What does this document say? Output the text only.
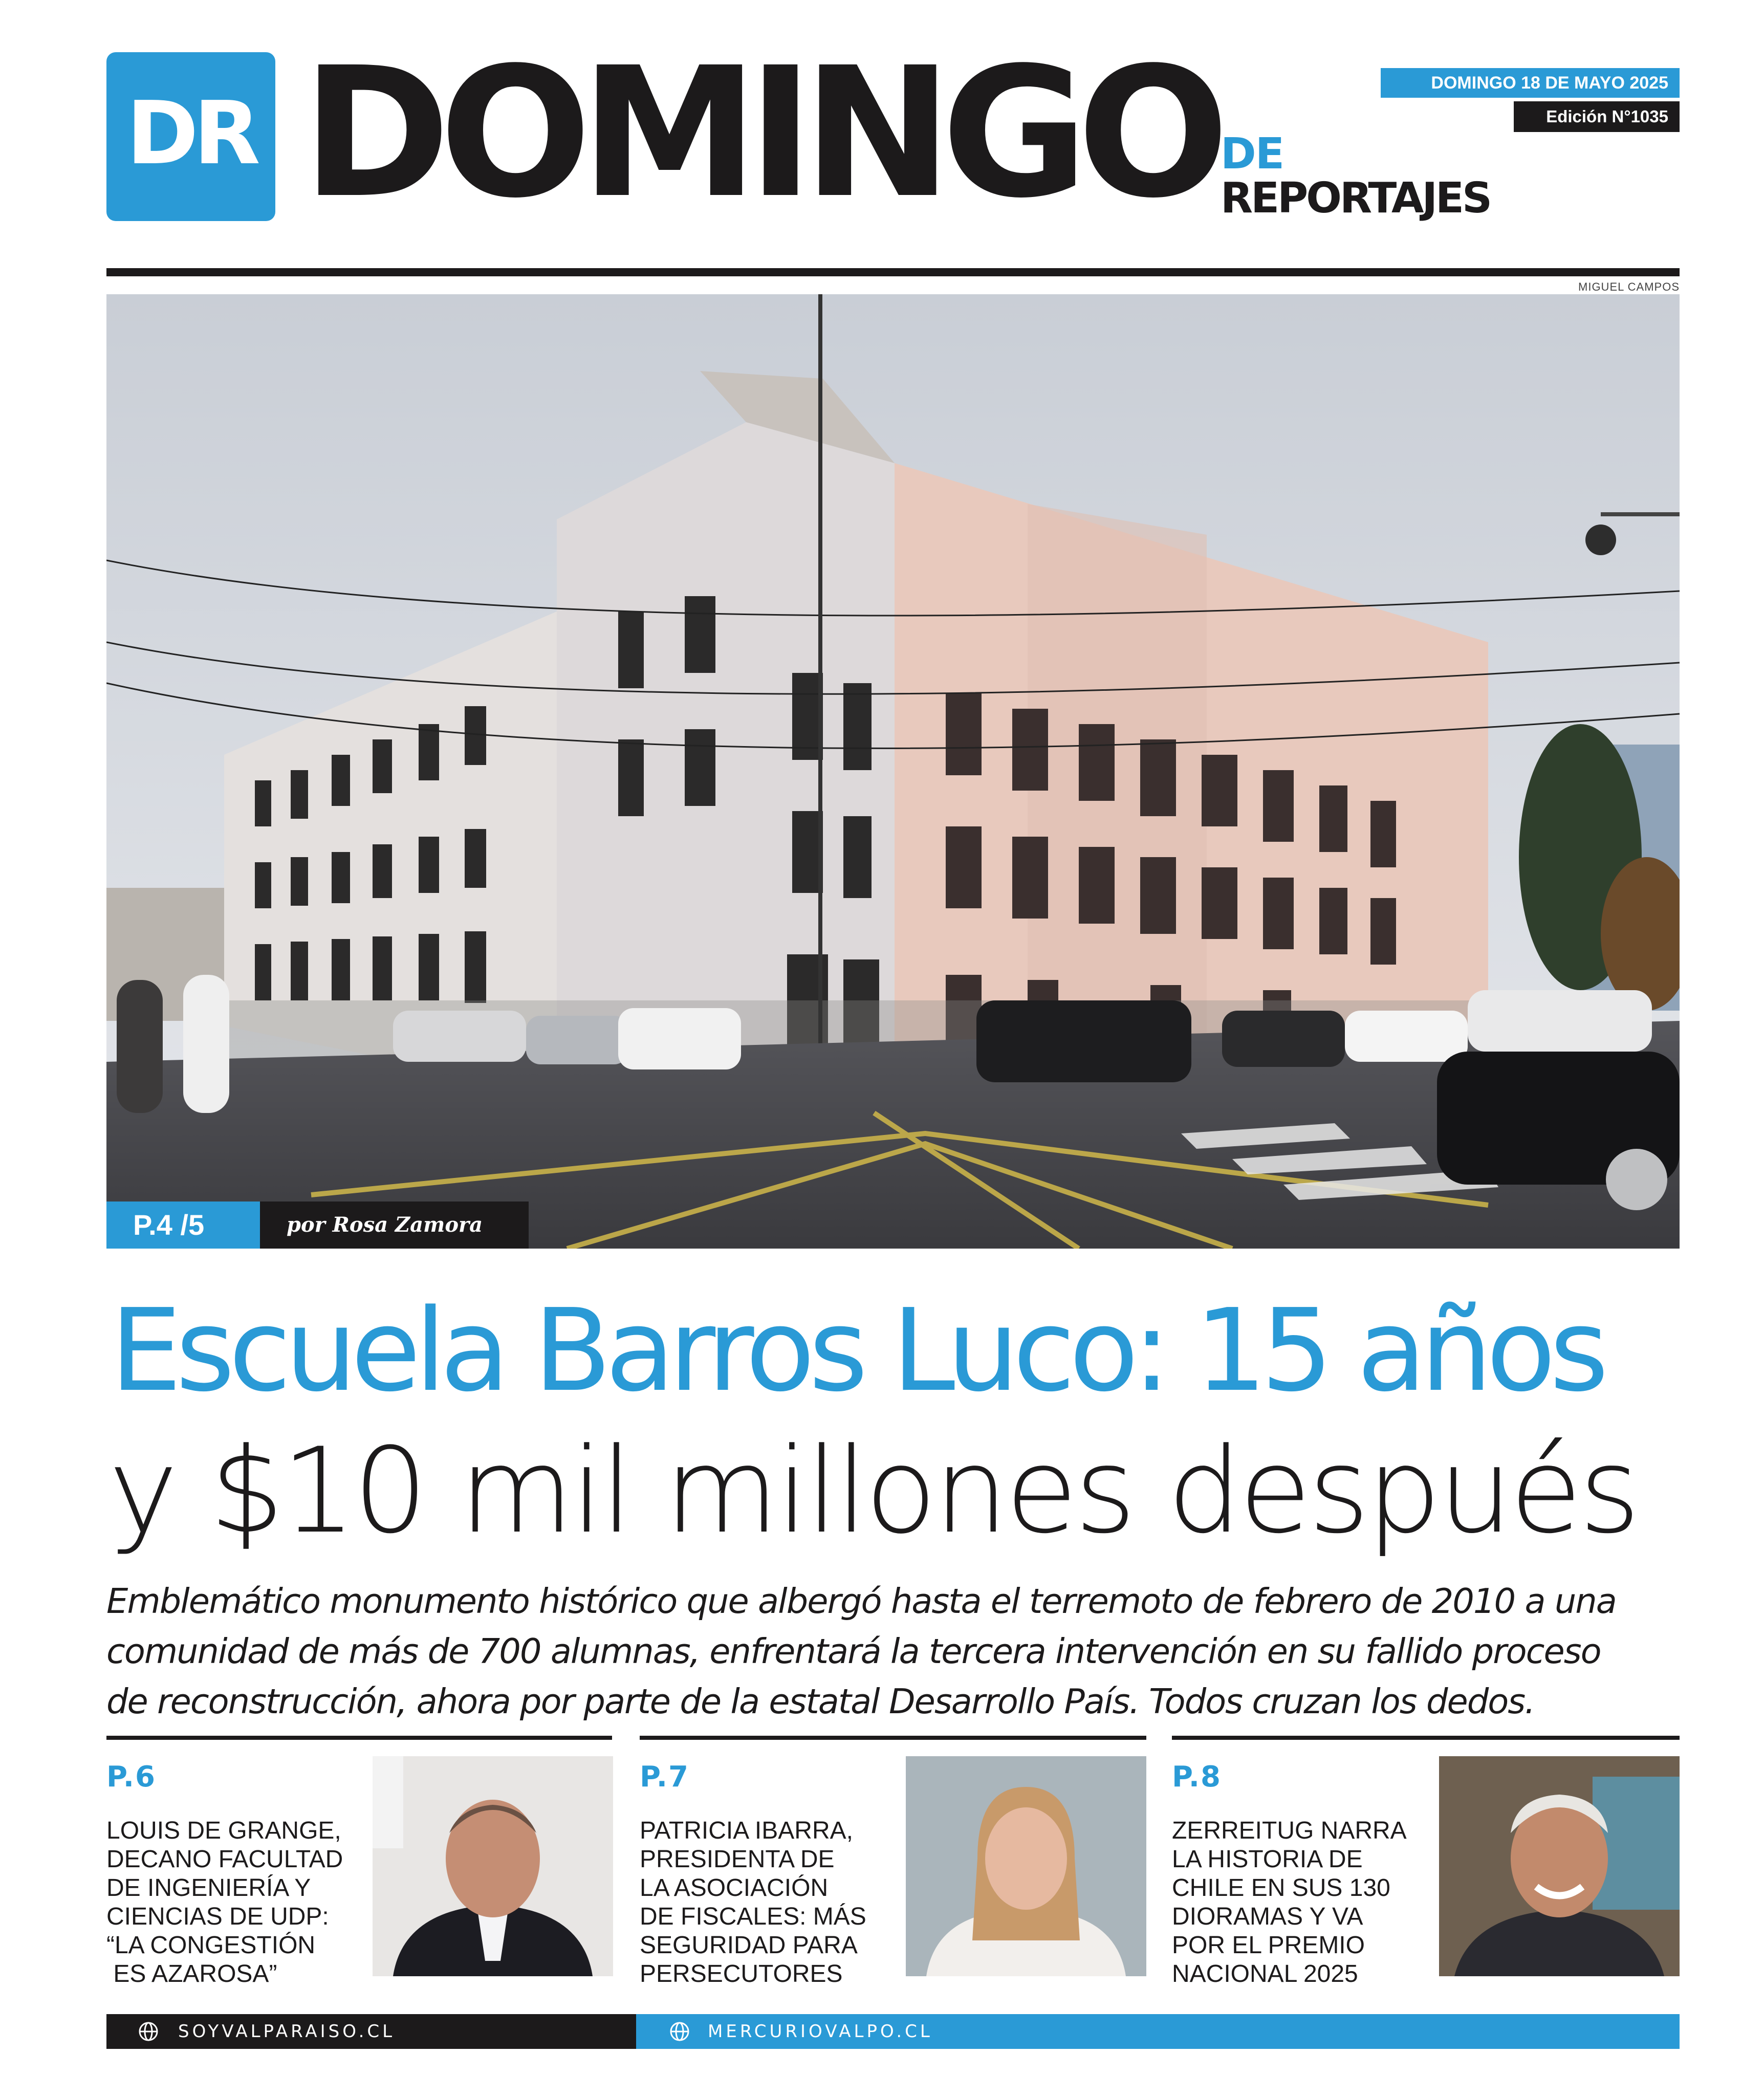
DR DOMINGO DE
REPORTAJES
DOMINGO 18 DE MAYO 2025
Edición N°1035
MIGUEL CAMPOS
P.4 /5	por Rosa Zamora
Escuela Barros Luco: 15 años
y $10 mil millones después
Emblemático monumento histórico que albergó hasta el terremoto de febrero de 2010 a una
comunidad de más de 700 alumnas, enfrentará la tercera intervención en su fallido proceso
de reconstrucción, ahora por parte de la estatal Desarrollo País. Todos cruzan los dedos.
P.6
LOUIS DE GRANGE,
DECANO FACULTAD
DE INGENIERÍA Y
CIENCIAS DE UDP:
“LA CONGESTIÓN
ES AZAROSA”
P.7
PATRICIA IBARRA,
PRESIDENTA DE
LA ASOCIACIÓN
DE FISCALES: MÁS
SEGURIDAD PARA
PERSECUTORES
P.8
ZERREITUG NARRA
LA HISTORIA DE
CHILE EN SUS 130
DIORAMAS Y VA
POR EL PREMIO
NACIONAL 2025
SOYVALPARAISO.CL	MERCURIOVALPO.CL
